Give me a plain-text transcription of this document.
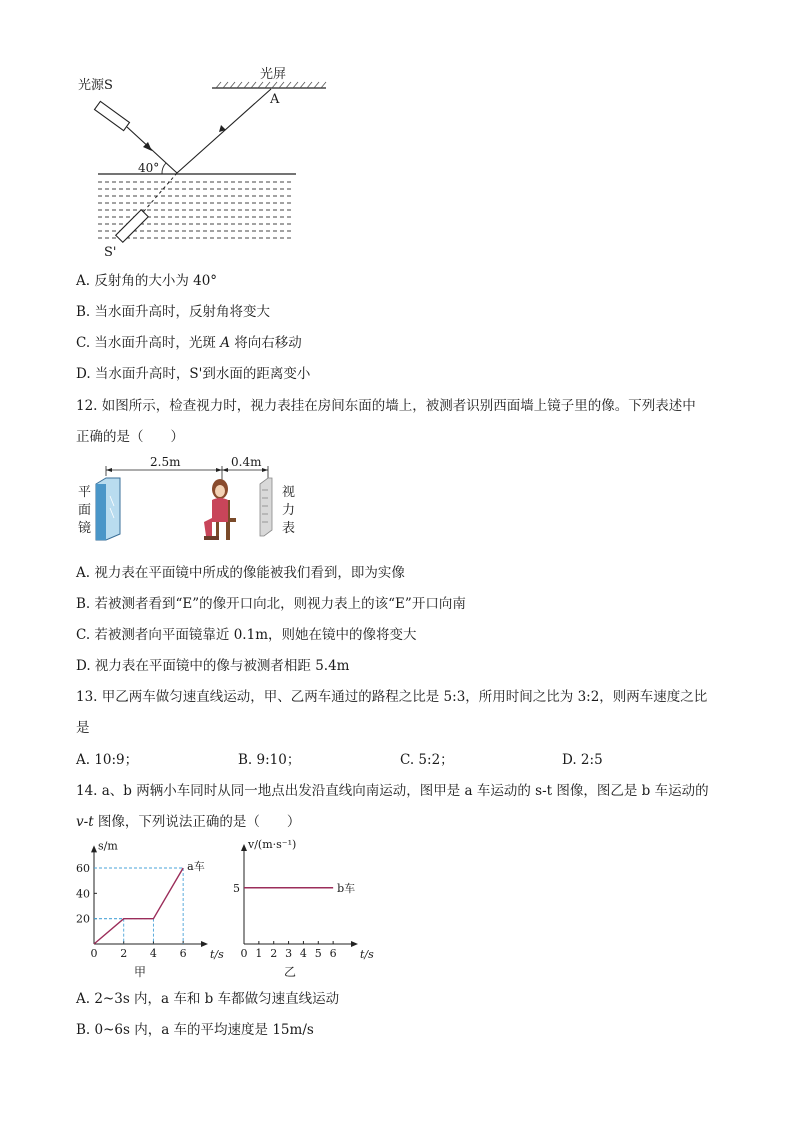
光屏
A
光源S
40°
S'
A. 反射角的大小为 40°
B. 当水面升高时，反射角将变大
C. 当水面升高时，光斑 A 将向右移动
D. 当水面升高时，S'到水面的距离变小
12. 如图所示，检查视力时，视力表挂在房间东面的墙上，被测者识别西面墙上镜子里的像。下列表述中
正确的是（　　）
平
面
镜
2.5m	0.4m
视
力
表
A. 视力表在平面镜中所成的像能被我们看到，即为实像
B. 若被测者看到“E”的像开口向北，则视力表上的该“E”开口向南
C. 若被测者向平面镜靠近 0.1m，则她在镜中的像将变大
D. 视力表在平面镜中的像与被测者相距 5.4m
13. 甲乙两车做匀速直线运动，甲、乙两车通过的路程之比是 5:3，所用时间之比为 3:2，则两车速度之比
是
A. 10:9；	B. 9:10；	C. 5:2；	D. 2:5
14. a、b 两辆小车同时从同一地点出发沿直线向南运动，图甲是 a 车运动的 s-t 图像，图乙是 b 车运动的
v-t 图像，下列说法正确的是（　　）
0 2 4 6
20
40
60
t/s
s/m
a车
甲
0 1 2 3 4 5 6
5
t/s
v/(m·s⁻¹)
b车
乙
A. 2~3s 内，a 车和 b 车都做匀速直线运动
B. 0~6s 内，a 车的平均速度是 15m/s
